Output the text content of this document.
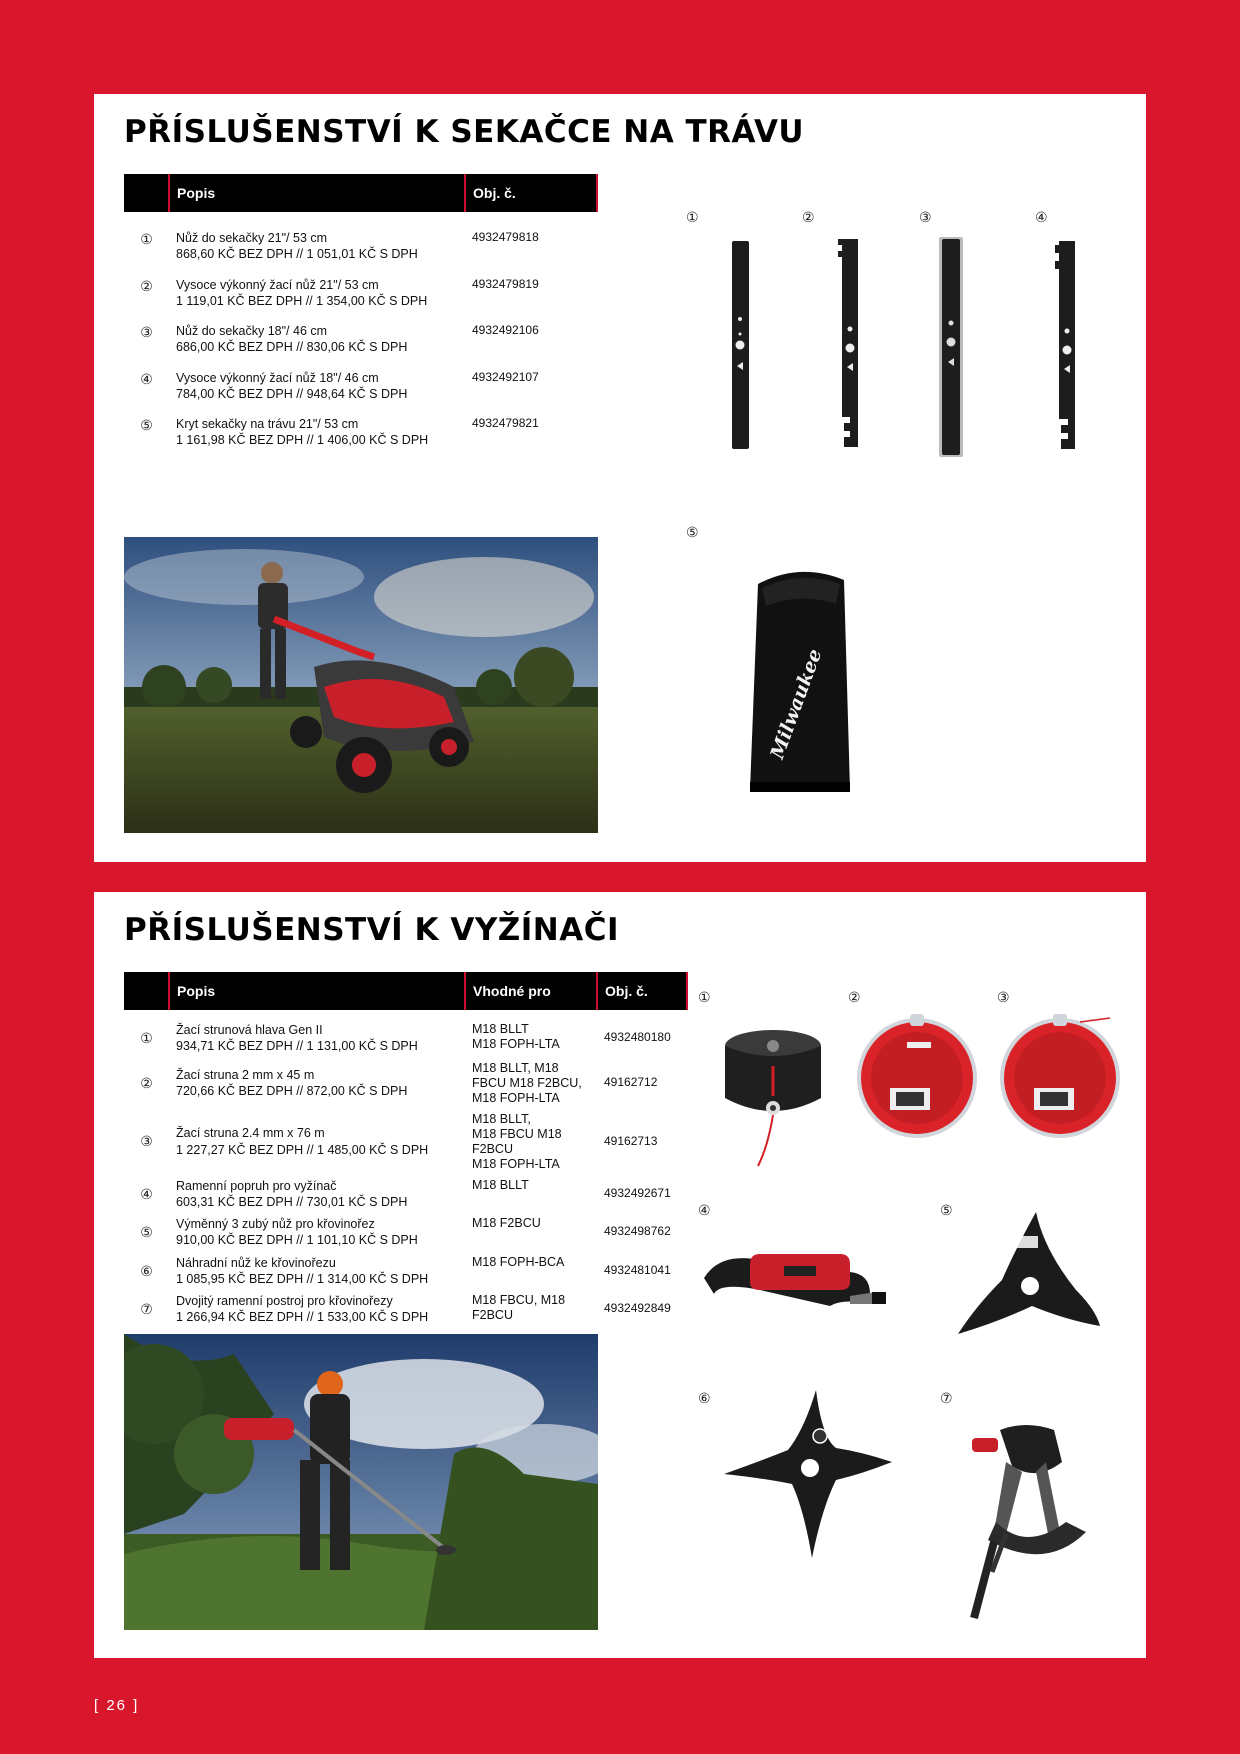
PŘÍSLUŠENSTVÍ K SEKAČCE NA TRÁVU
	Popis	Obj. č.
①	Nůž do sekačky 21"/ 53 cm
868,60 KČ BEZ DPH // 1 051,01 KČ S DPH	4932479818
②	Vysoce výkonný žací nůž 21"/ 53 cm
1 119,01 KČ BEZ DPH // 1 354,00 KČ S DPH	4932479819
③	Nůž do sekačky 18"/ 46 cm
686,00 KČ BEZ DPH // 830,06 KČ S DPH	4932492106
④	Vysoce výkonný žací nůž 18"/ 46 cm
784,00 KČ BEZ DPH // 948,64 KČ S DPH	4932492107
⑤	Kryt sekačky na trávu 21"/ 53 cm
1 161,98 KČ BEZ DPH // 1 406,00 KČ S DPH	4932479821
①	②	③	④
⑤
Milwaukee
PŘÍSLUŠENSTVÍ K VYŽÍNAČI
	Popis	Vhodné pro	Obj. č.
①	Žací strunová hlava Gen II
934,71 KČ BEZ DPH // 1 131,00 KČ S DPH	M18 BLLT
M18 FOPH-LTA	4932480180
②	Žací struna 2 mm x 45 m
720,66 KČ BEZ DPH // 872,00 KČ S DPH	M18 BLLT, M18
FBCU M18 F2BCU,
M18 FOPH-LTA	49162712
③	Žací struna 2.4 mm x 76 m
1 227,27 KČ BEZ DPH // 1 485,00 KČ S DPH	M18 BLLT,
M18 FBCU M18
F2BCU
M18 FOPH-LTA	49162713
④	Ramenní popruh pro vyžínač
603,31 KČ BEZ DPH // 730,01 KČ S DPH	M18 BLLT	4932492671
⑤	Výměnný 3 zubý nůž pro křovinořez
910,00 KČ BEZ DPH // 1 101,10 KČ S DPH	M18 F2BCU	4932498762
⑥	Náhradní nůž ke křovinořezu
1 085,95 KČ BEZ DPH // 1 314,00 KČ S DPH	M18 FOPH-BCA	4932481041
⑦	Dvojitý ramenní postroj pro křovinořezy
1 266,94 KČ BEZ DPH // 1 533,00 KČ S DPH	M18 FBCU, M18
F2BCU	4932492849
①	②	③
④	⑤
⑥	⑦
[ 26 ]
